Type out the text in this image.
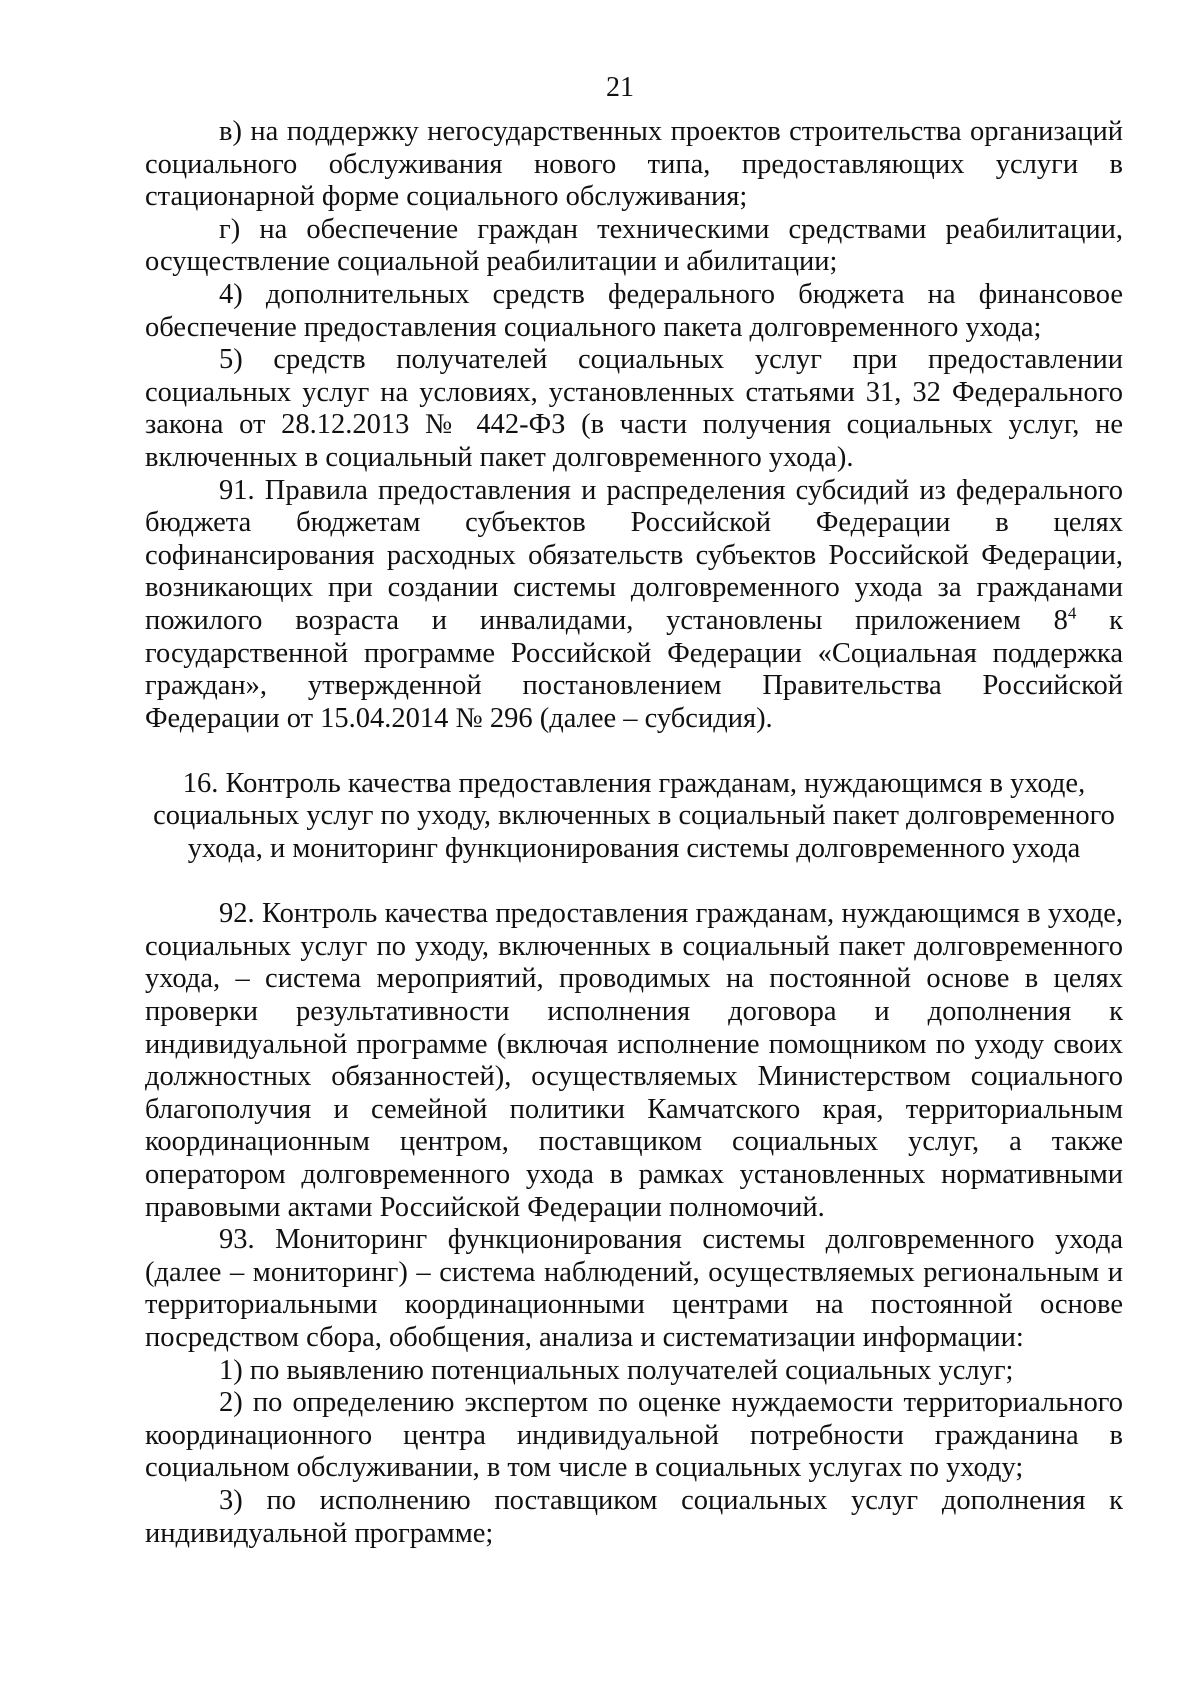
21

в) на поддержку негосударственных проектов строительства организаций социального обслуживания нового типа, предоставляющих услуги в стационарной форме социального обслуживания;

г) на обеспечение граждан техническими средствами реабилитации, осуществление социальной реабилитации и абилитации;

4) дополнительных средств федерального бюджета на финансовое обеспечение предоставления социального пакета долговременного ухода;

5) средств получателей социальных услуг при предоставлении социальных услуг на условиях, установленных статьями 31, 32 Федерального закона от 28.12.2013 № 442-ФЗ (в части получения социальных услуг, не включенных в социальный пакет долговременного ухода).

91. Правила предоставления и распределения субсидий из федерального бюджета бюджетам субъектов Российской Федерации в целях софинансирования расходных обязательств субъектов Российской Федерации, возникающих при создании системы долговременного ухода за гражданами пожилого возраста и инвалидами, установлены приложением $8^4$ к государственной программе Российской Федерации «Социальная поддержка граждан», утвержденной постановлением Правительства Российской Федерации от 15.04.2014 № 296 (далее – субсидия).

16. Контроль качества предоставления гражданам, нуждающимся в уходе,

социальных услуг по уходу, включенных в социальный пакет долговременного

ухода, и мониторинг функционирования системы долговременного ухода

92. Контроль качества предоставления гражданам, нуждающимся в уходе, социальных услуг по уходу, включенных в социальный пакет долговременного ухода, – система мероприятий, проводимых на постоянной основе в целях проверки результативности исполнения договора и дополнения к индивидуальной программе (включая исполнение помощником по уходу своих должностных обязанностей), осуществляемых Министерством социального благополучия и семейной политики Камчатского края, территориальным координационным центром, поставщиком социальных услуг, а также оператором долговременного ухода в рамках установленных нормативными правовыми актами Российской Федерации полномочий.

93. Мониторинг функционирования системы долговременного ухода (далее – мониторинг) – система наблюдений, осуществляемых региональным и территориальными координационными центрами на постоянной основе посредством сбора, обобщения, анализа и систематизации информации:

1) по выявлению потенциальных получателей социальных услуг;

2) по определению экспертом по оценке нуждаемости территориального координационного центра индивидуальной потребности гражданина в социальном обслуживании, в том числе в социальных услугах по уходу;

3) по исполнению поставщиком социальных услуг дополнения к индивидуальной программе;
